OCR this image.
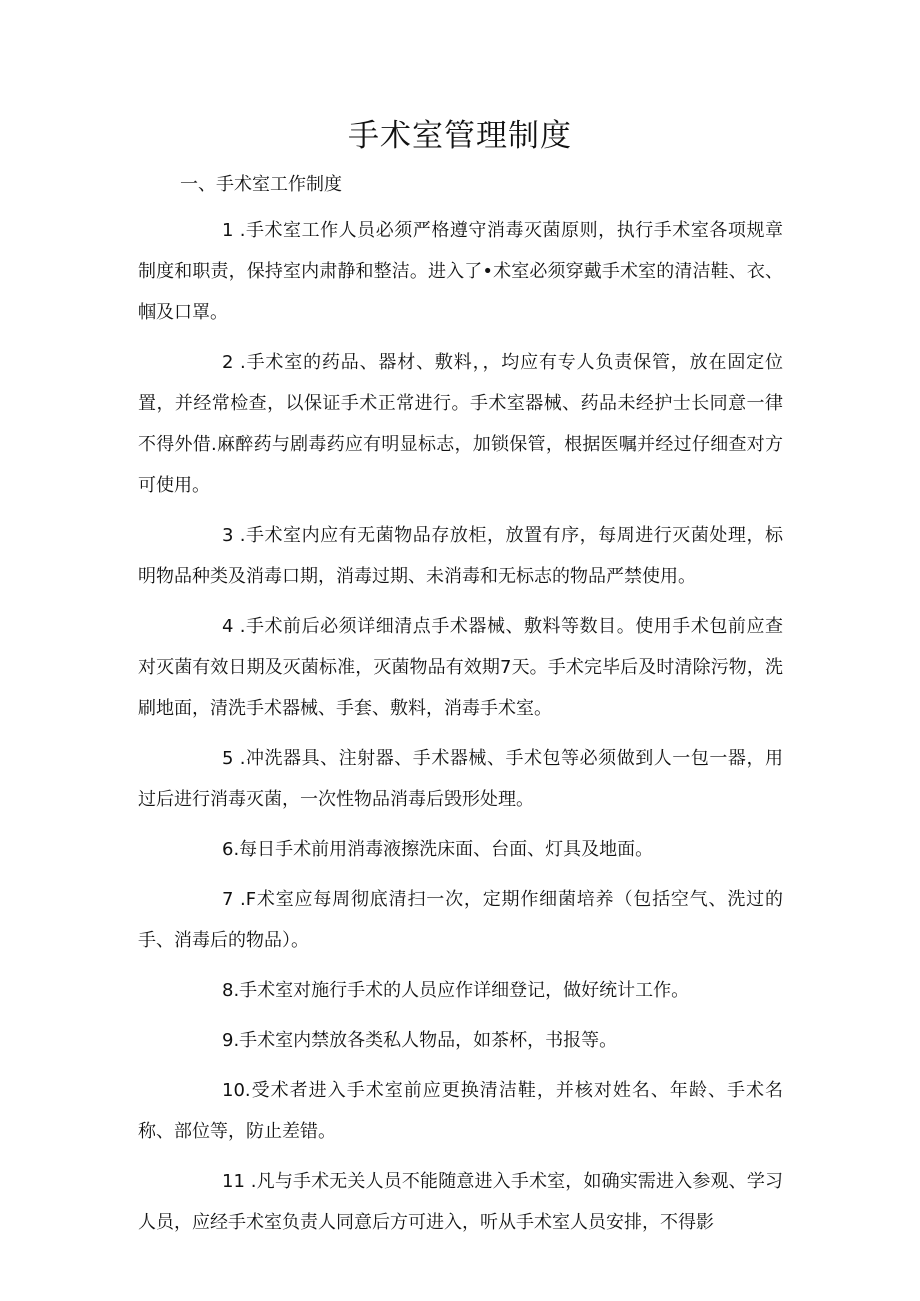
手术室管理制度
一、手术室工作制度

1 .手术室工作人员必须严格遵守消毒灭菌原则，执行手术室各项规章制度和职责，保持室内肃静和整洁。进入了•术室必须穿戴手术室的清洁鞋、衣、帼及口罩。

2 .手术室的药品、器材、敷料，，均应有专人负责保管，放在固定位置，并经常检查，以保证手术正常进行。手术室器械、药品未经护士长同意一律不得外借.麻醉药与剧毒药应有明显标志，加锁保管，根据医嘱并经过仔细查对方可使用。

3 .手术室内应有无菌物品存放柜，放置有序，每周进行灭菌处理，标明物品种类及消毒口期，消毒过期、未消毒和无标志的物品严禁使用。

4 .手术前后必须详细清点手术器械、敷料等数目。使用手术包前应查对灭菌有效日期及灭菌标准，灭菌物品有效期7天。手术完毕后及时清除污物，洗刷地面，清洗手术器械、手套、敷料，消毒手术室。

5 .冲洗器具、注射器、手术器械、手术包等必须做到人一包一器，用过后进行消毒灭菌，一次性物品消毒后毁形处理。

6.每日手术前用消毒液擦洗床面、台面、灯具及地面。

7 .F术室应每周彻底清扫一次，定期作细菌培养（包括空气、洗过的手、消毒后的物品）。

8.手术室对施行手术的人员应作详细登记，做好统计工作。

9.手术室内禁放各类私人物品，如茶杯，书报等。

10.受术者进入手术室前应更换清洁鞋，并核对姓名、年龄、手术名称、部位等，防止差错。

11 .凡与手术无关人员不能随意进入手术室，如确实需进入参观、学习人员，应经手术室负责人同意后方可进入，听从手术室人员安排，不得影
